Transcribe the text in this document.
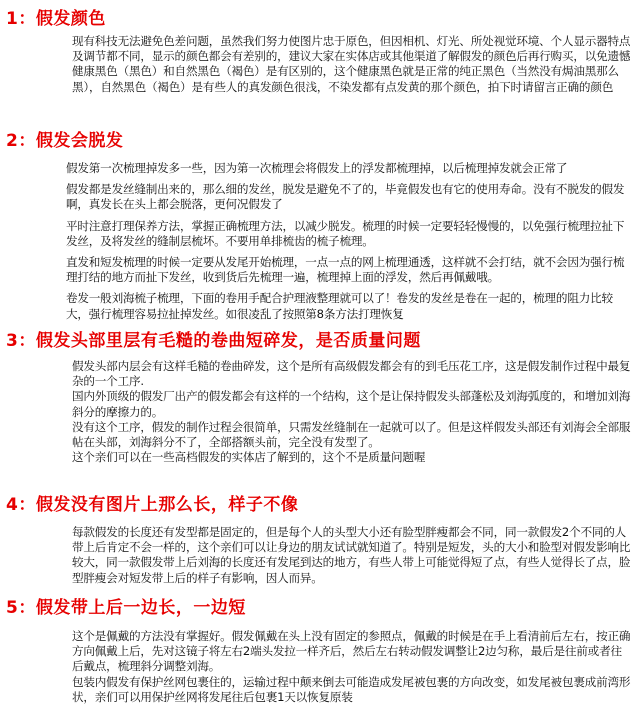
1：假发颜色

现有科技无法避免色差问题，虽然我们努力使图片忠于原色，但因相机、灯光、所处视觉环境、个人显示器特点及调节都不同，显示的颜色都会有差别的，建议大家在实体店或其他渠道了解假发的颜色后再行购买，以免遗憾

健康黑色（黑色）和自然黑色（褐色）是有区别的，这个健康黑色就是正常的纯正黑色（当然没有焗油黑那么黑），自然黑色（褐色）是有些人的真发颜色很浅，不染发都有点发黄的那个颜色，拍下时请留言正确的颜色

2：假发会脱发

假发第一次梳理掉发多一些，因为第一次梳理会将假发上的浮发都梳理掉，以后梳理掉发就会正常了

假发都是发丝缝制出来的，那么细的发丝，脱发是避免不了的，毕竟假发也有它的使用寿命。没有不脱发的假发啊，真发长在头上都会脱落，更何况假发了

平时注意打理保养方法，掌握正确梳理方法，以减少脱发。梳理的时候一定要轻轻慢慢的，以免强行梳理拉扯下发丝，及将发丝的缝制层梳坏。不要用单排梳齿的梳子梳理。

直发和短发梳理的时候一定要从发尾开始梳理，一点一点的网上梳理通透，这样就不会打结，就不会因为强行梳理打结的地方而扯下发丝，收到货后先梳理一遍，梳理掉上面的浮发，然后再佩戴哦。

卷发一般刘海梳子梳理，下面的卷用手配合护理液整理就可以了！卷发的发丝是卷在一起的，梳理的阻力比较大，强行梳理容易拉扯掉发丝。如很凌乱了按照第8条方法打理恢复

3：假发头部里层有毛糙的卷曲短碎发，是否质量问题

假发头部内层会有这样毛糙的卷曲碎发，这个是所有高级假发都会有的到毛压花工序，这是假发制作过程中最复杂的一个工序.

国内外顶级的假发厂出产的假发都会有这样的一个结构，这个是让保持假发头部蓬松及刘海弧度的，和增加刘海斜分的摩擦力的。

没有这个工序，假发的制作过程会很简单，只需发丝缝制在一起就可以了。但是这样假发头部还有刘海会全部服帖在头部，刘海斜分不了，全部搭额头前，完全没有发型了。

这个亲们可以在一些高档假发的实体店了解到的，这个不是质量问题喔

4：假发没有图片上那么长，样子不像

每款假发的长度还有发型都是固定的，但是每个人的头型大小还有脸型胖瘦都会不同，同一款假发2个不同的人带上后肯定不会一样的，这个亲们可以让身边的朋友试试就知道了。特别是短发，头的大小和脸型对假发影响比较大，同一款假发带上后刘海的长度还有发尾到达的地方，有些人带上可能觉得短了点，有些人觉得长了点，脸型胖瘦会对短发带上后的样子有影响，因人而异。

5：假发带上后一边长，一边短

这个是佩戴的方法没有掌握好。假发佩戴在头上没有固定的参照点，佩戴的时候是在手上看清前后左右，按正确方向佩戴上后，先对这镜子将左右2端头发拉一样齐后，然后左右转动假发调整让2边匀称，最后是往前或者往后戴点，梳理斜分调整刘海。

包装内假发有保护丝网包裹住的，运输过程中颠来倒去可能造成发尾被包裹的方向改变，如发尾被包裹成前湾形状，亲们可以用保护丝网将发尾往后包裹1天以恢复原装
